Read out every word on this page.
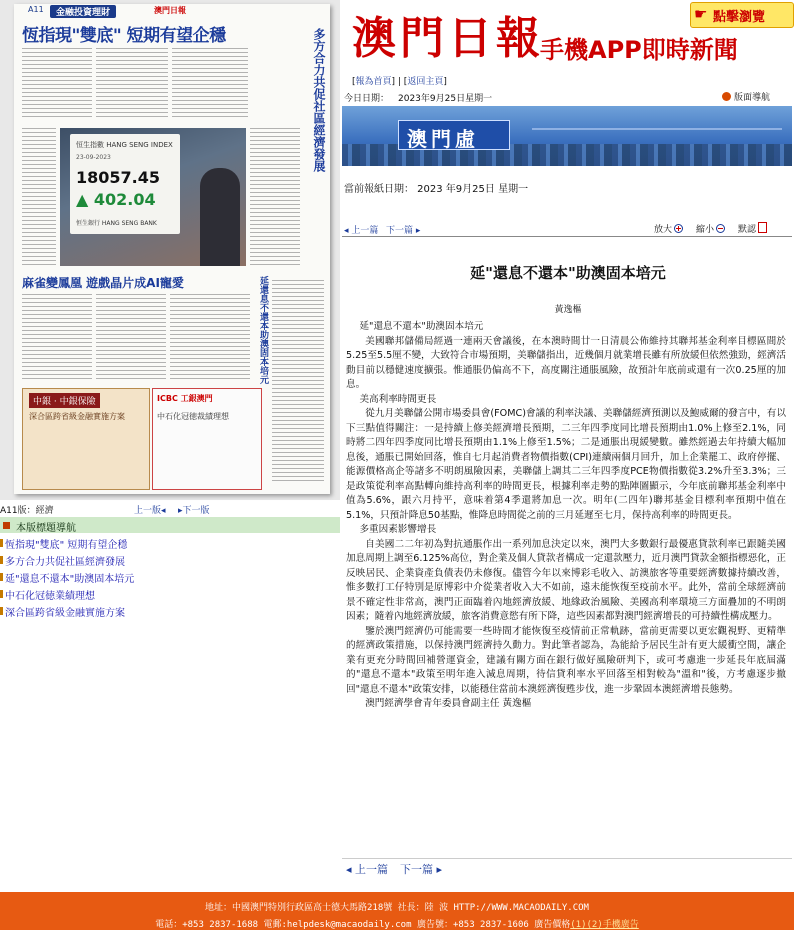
A11	金融投資理財	澳門日報
恆指現"雙底" 短期有望企穩	多方合力共促社區經濟發展
恒生指數 HANG SENG INDEX
23-09-2023
18057.45
▲ 402.04
恒生銀行 HANG SENG BANK
麻雀變鳳凰 遊戲晶片成AI寵愛	延還息不還本助澳固本培元
中銀 · 中銀保險
深合區跨省級金融實施方案
ICBC 工銀澳門
中石化冠徳裁績理想
A11版：經濟	上一版◂ ▸下一版
本版標題導航
恆指現"雙底" 短期有望企穩
多方合力共促社區經濟發展
延"還息不還本"助澳固本培元
中石化冠徳業績理想
深合區跨省級金融實施方案
澳門日報
手機APP即時新聞
☛ 點擊瀏覽
[報為首頁] | [返回主頁]
今日日期： 2023年9月25日星期一	版面導航
澳門虛
當前報紙日期： 2023 年9月25日 星期一
◂ 上一篇 下一篇 ▸	放大	縮小	默認
延"還息不還本"助澳固本培元
黃逸樞

延"還息不還本"助澳固本培元

美國聯邦儲備局經過一連兩天會議後，在本澳時間廿一日清晨公佈維持其聯邦基金利率目標區間於5.25至5.5厘不變，大致符合市場預期，美聯儲指出，近幾個月就業增長雖有所放緩但依然強勁，經濟活動目前以穩健速度擴張。惟通脹仍偏高不下，高度關注通脹風險，故預計年底前或還有一次0.25厘的加息。

美高利率時間更長

從九月美聯儲公開市場委員會(FOMC)會議的利率決議、美聯儲經濟預測以及鮑威爾的發言中，有以下三點值得關注：一是持續上修美經濟增長預期，二三年四季度同比增長預期由1.0%上修至2.1%，同時將二四年四季度同比增長預期由1.1%上修至1.5%；二是通脹出現緩變數。雖然經過去年持續大幅加息後，通脹已開始回落，惟自七月起消費者物價指數(CPI)連續兩個月回升，加上企業罷工、政府停擺、能源價格高企等諸多不明朗風險因素，美聯儲上調其二三年四季度PCE物價指數從3.2%升至3.3%；三是政策從利率高點轉向維持高利率的時間更長，根據利率走勢的點陣圖顯示，今年底前聯邦基金利率中值為5.6%，跟六月持平，意味着第4季還將加息一次。明年(二四年)聯邦基金目標利率預期中值在5.1%，只預計降息50基點，惟降息時間從之前的三月延遲至七月，保持高利率的時間更長。

多重因素影響增長

自美國二二年初為對抗通脹作出一系列加息決定以來，澳門大多數銀行最優惠貸款利率已跟隨美國加息周期上調至6.125%高位，對企業及個人貸款者構成一定還款壓力，近月澳門貸款金額指標惡化，正反映居民、企業資產負債表仍未修復。儘管今年以來博彩毛收入、訪澳旅客等重要經濟數據持續改善，惟多數打工仔特別是原博彩中介從業者收入大不如前，遠未能恢復至疫前水平。此外，當前全球經濟前景不確定性非常高，澳門正面臨着內地經濟放緩、地緣政治風險、美國高利率環境三方面疊加的不明朗因素；隨着內地經濟放緩，旅客消費意慾有所下降，這些因素都對澳門經濟增長的可持續性構成壓力。

鑒於澳門經濟仍可能需要一些時間才能恢復至疫情前正常軌跡，當前更需要以更宏觀視野、更精準的經濟政策措施，以保持澳門經濟持久動力。對此筆者認為，為能給予居民生計有更大緩衝空間，讓企業有更充分時間回補營運資金，建議有關方面在銀行做好風險研判下，或可考慮進一步延長年底屆滿的"還息不還本"政策至明年進入減息周期，待信貸利率水平回落至相對較為"溫和"後，方考慮逐步撤回"還息不還本"政策安排，以能穩住當前本澳經濟復甦步伐，進一步鞏固本澳經濟增長態勢。

澳門經濟學會青年委員會副主任 黃逸樞

◂ 上一篇 下一篇 ▸
地址：中國澳門特別行政區高士德大馬路218號 社長：陸 波 HTTP://WWW.MACAODAILY.COM
電話：+853 2837-1688 電郵:helpdesk@macaodaily.com 廣告號：+853 2837-1606 廣告價格(1)(2)手機廣告
